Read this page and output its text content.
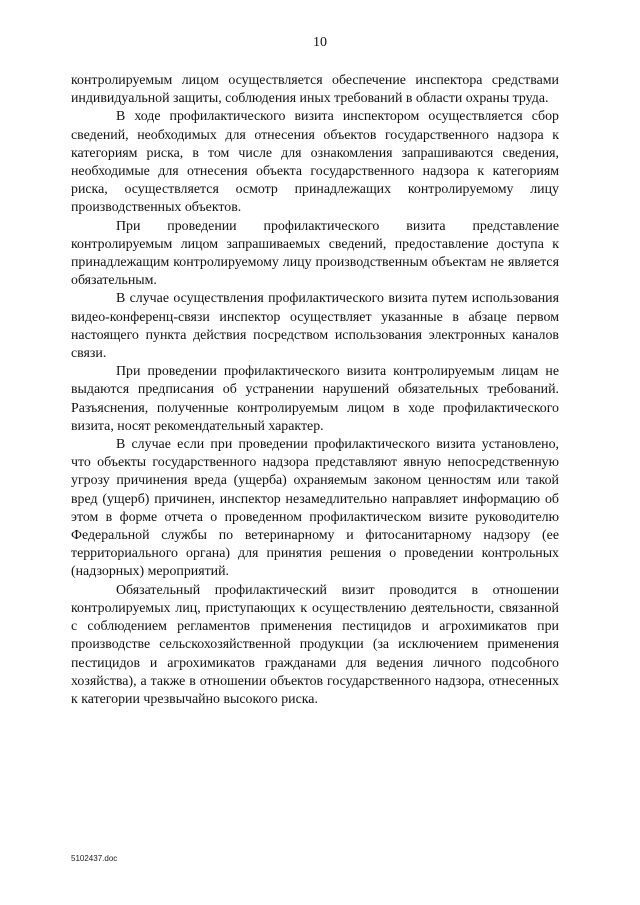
10

контролируемым лицом осуществляется обеспечение инспектора средствами индивидуальной защиты, соблюдения иных требований в области охраны труда.

В ходе профилактического визита инспектором осуществляется сбор сведений, необходимых для отнесения объектов государственного надзора к категориям риска, в том числе для ознакомления запрашиваются сведения, необходимые для отнесения объекта государственного надзора к категориям риска, осуществляется осмотр принадлежащих контролируемому лицу производственных объектов.

При проведении профилактического визита представление контролируемым лицом запрашиваемых сведений, предоставление доступа к принадлежащим контролируемому лицу производственным объектам не является обязательным.

В случае осуществления профилактического визита путем использования видео-конференц-связи инспектор осуществляет указанные в абзаце первом настоящего пункта действия посредством использования электронных каналов связи.

При проведении профилактического визита контролируемым лицам не выдаются предписания об устранении нарушений обязательных требований. Разъяснения, полученные контролируемым лицом в ходе профилактического визита, носят рекомендательный характер.

В случае если при проведении профилактического визита установлено, что объекты государственного надзора представляют явную непосредственную угрозу причинения вреда (ущерба) охраняемым законом ценностям или такой вред (ущерб) причинен, инспектор незамедлительно направляет информацию об этом в форме отчета о проведенном профилактическом визите руководителю Федеральной службы по ветеринарному и фитосанитарному надзору (ее территориального органа) для принятия решения о проведении контрольных (надзорных) мероприятий.

Обязательный профилактический визит проводится в отношении контролируемых лиц, приступающих к осуществлению деятельности, связанной с соблюдением регламентов применения пестицидов и агрохимикатов при производстве сельскохозяйственной продукции (за исключением применения пестицидов и агрохимикатов гражданами для ведения личного подсобного хозяйства), а также в отношении объектов государственного надзора, отнесенных к категории чрезвычайно высокого риска.

5102437.doc
